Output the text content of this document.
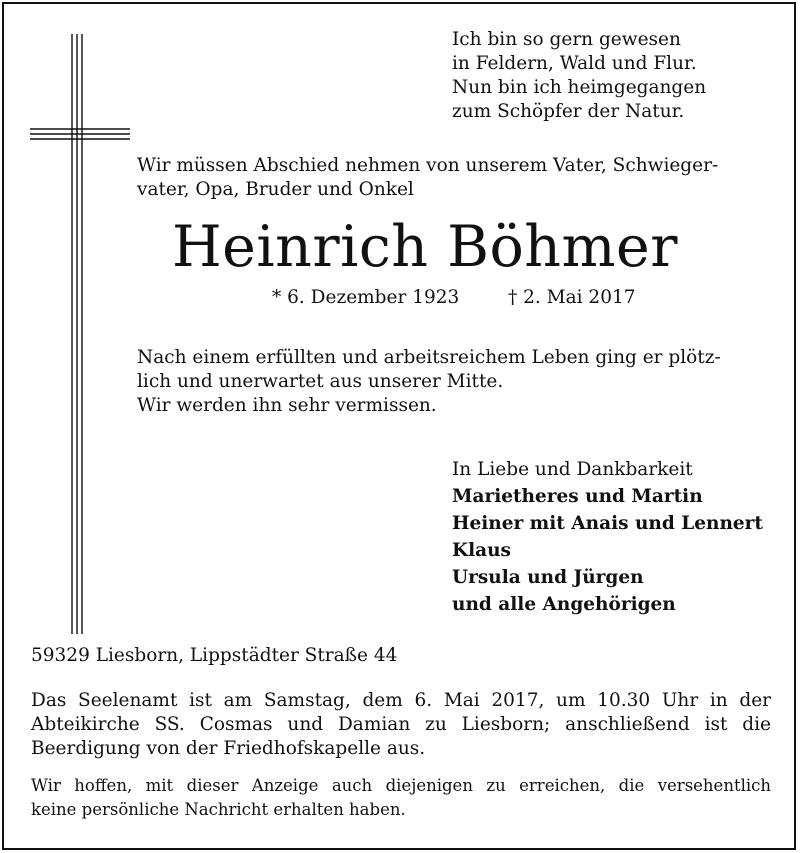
Ich bin so gern gewesen
in Feldern, Wald und Flur.
Nun bin ich heimgegangen
zum Schöpfer der Natur.
Wir müssen Abschied nehmen von unserem Vater, Schwieger-
vater, Opa, Bruder und Onkel
Heinrich Böhmer
* 6. Dezember 1923	† 2. Mai 2017
Nach einem erfüllten und arbeitsreichem Leben ging er plötz-
lich und unerwartet aus unserer Mitte.
Wir werden ihn sehr vermissen.
In Liebe und Dankbarkeit
Marietheres und Martin
Heiner mit Anais und Lennert
Klaus
Ursula und Jürgen
und alle Angehörigen
59329 Liesborn, Lippstädter Straße 44
Das Seelenamt ist am Samstag, dem 6. Mai 2017, um 10.30 Uhr in der
Abteikirche SS. Cosmas und Damian zu Liesborn; anschließend ist die
Beerdigung von der Friedhofskapelle aus.
Wir hoffen, mit dieser Anzeige auch diejenigen zu erreichen, die versehentlich
keine persönliche Nachricht erhalten haben.
